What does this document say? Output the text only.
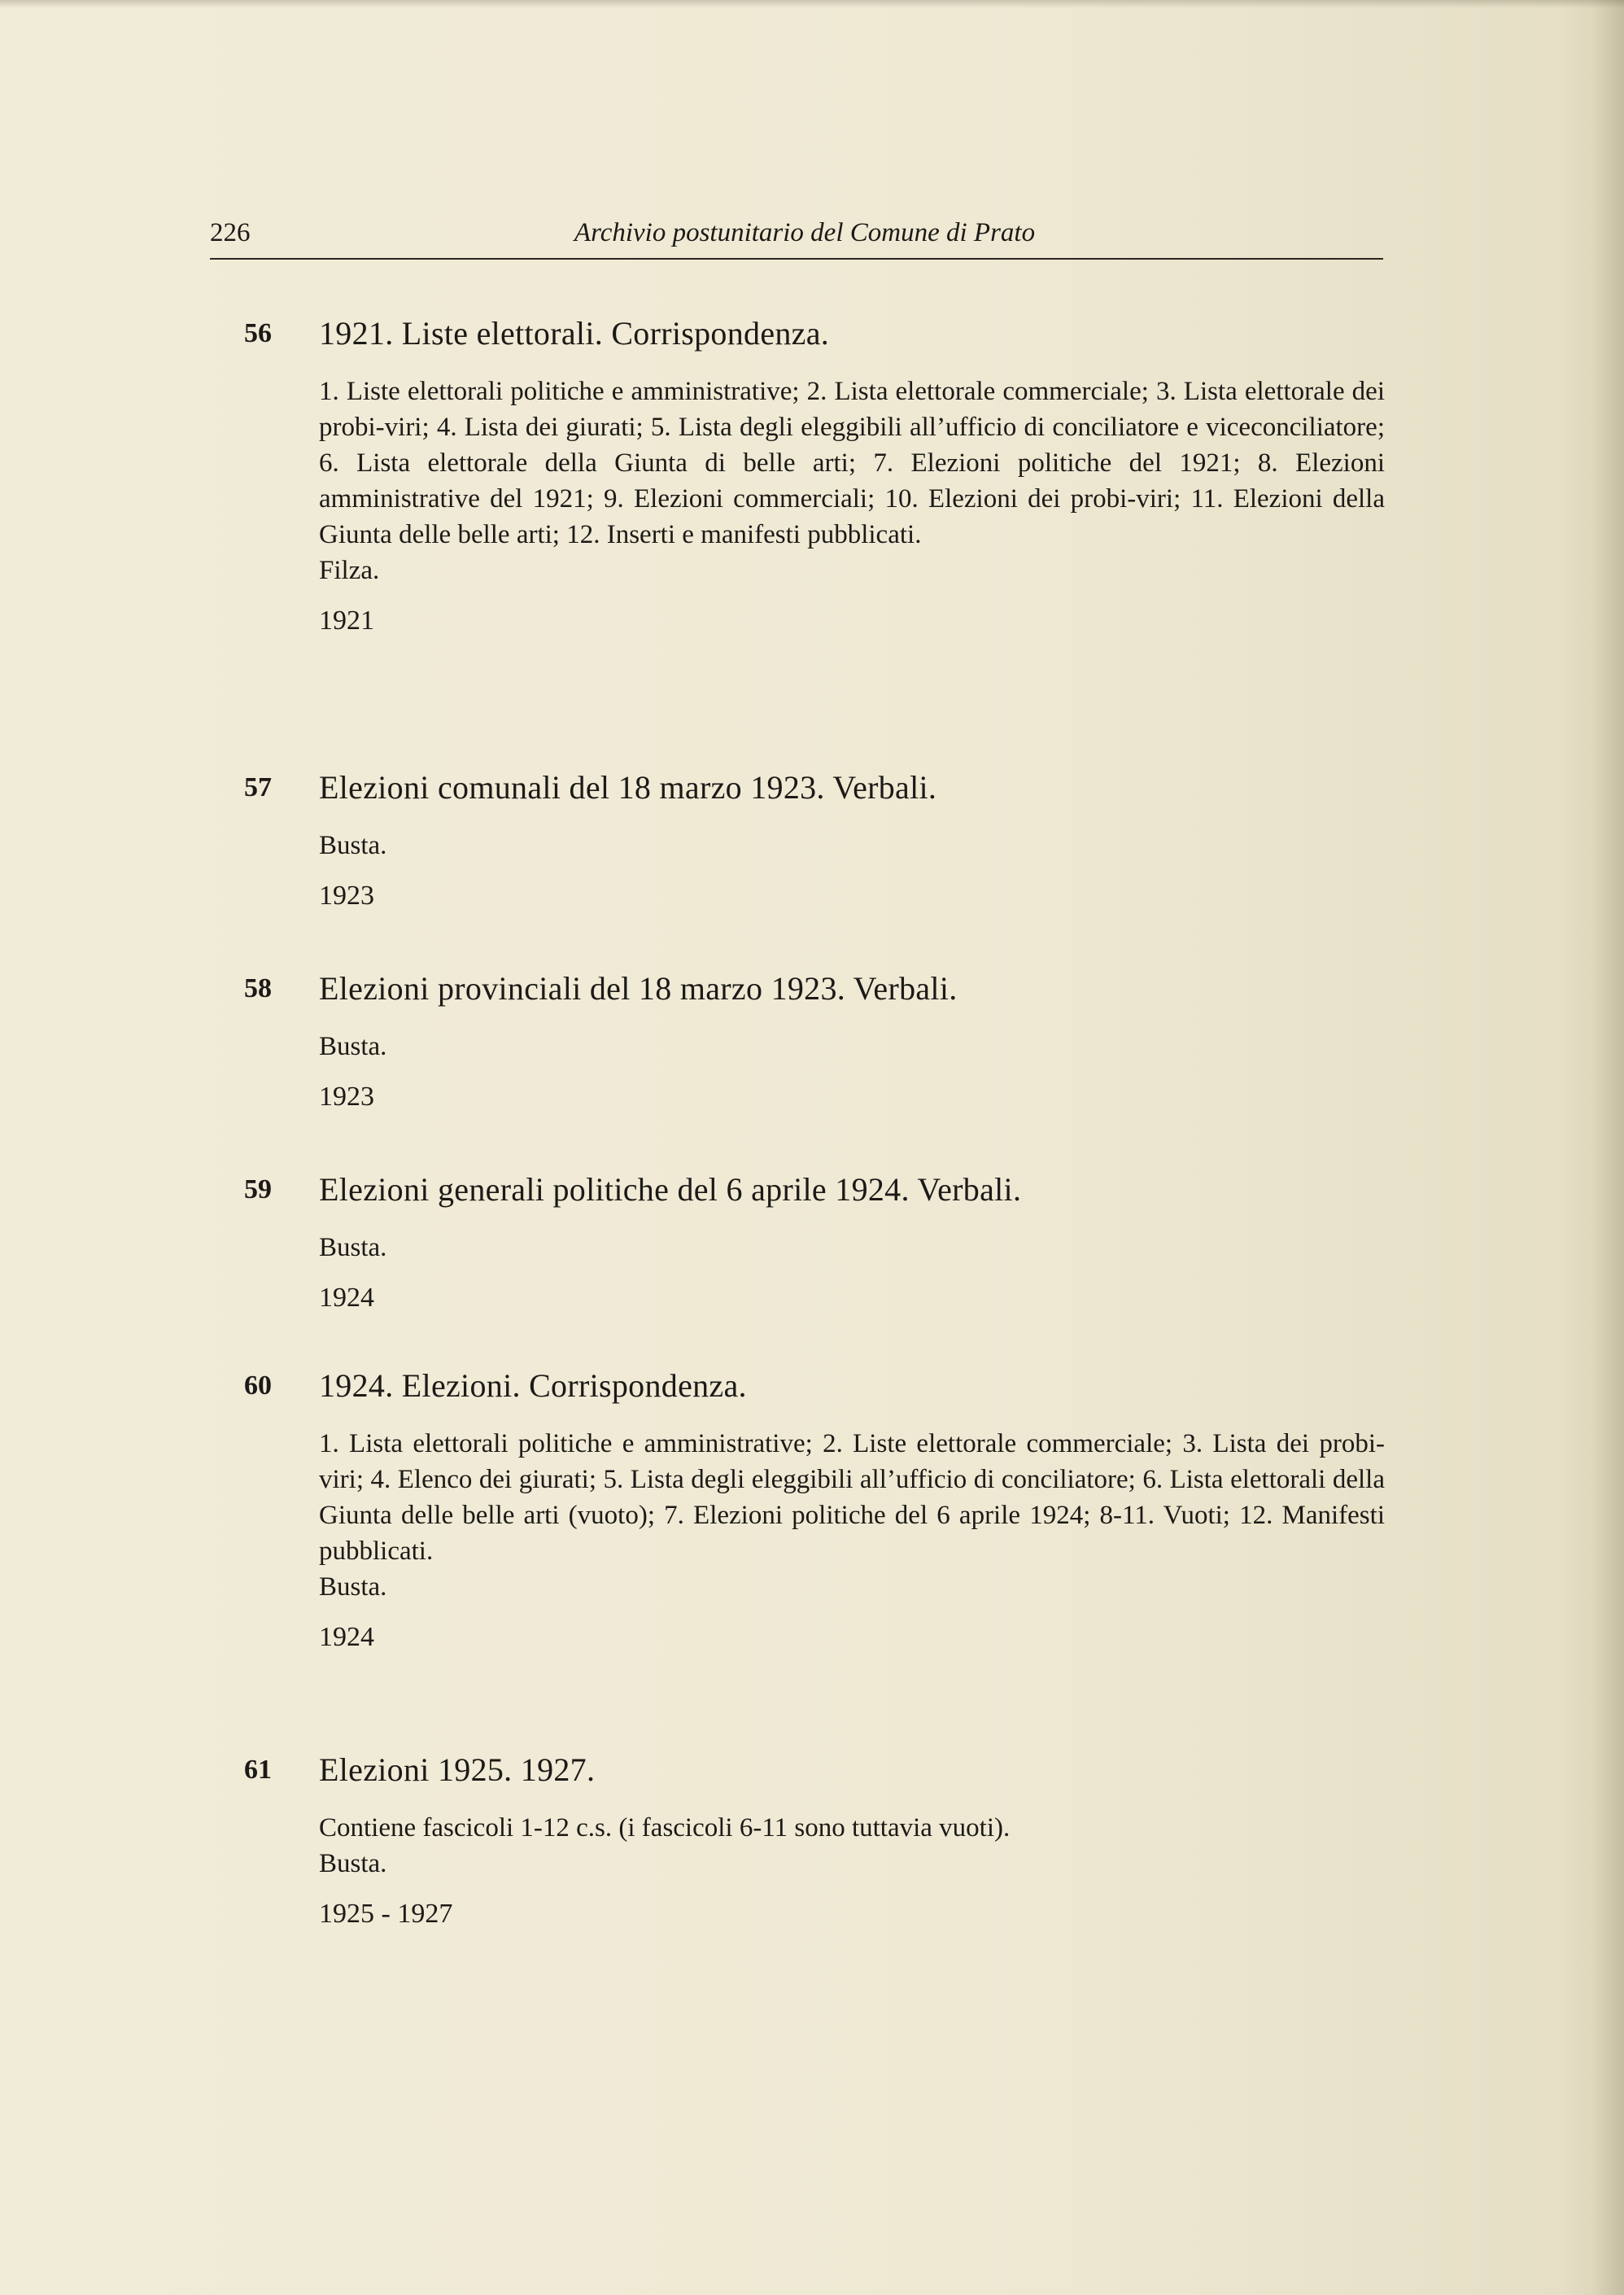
226	Archivio postunitario del Comune di Prato
56	1921. Liste elettorali. Corrispondenza.

1. Liste elettorali politiche e amministrative; 2. Lista elettorale commerciale; 3. Lista elettorale dei probi-viri; 4. Lista dei giurati; 5. Lista degli eleggibili all’ufficio di conciliatore e viceconciliatore; 6. Lista elettorale della Giunta di belle arti; 7. Elezioni politiche del 1921; 8. Elezioni amministrative del 1921; 9. Elezioni commerciali; 10. Elezioni dei probi-viri; 11. Elezioni della Giunta delle belle arti; 12. Inserti e manifesti pubblicati.

Filza.

1921

57	Elezioni comunali del 18 marzo 1923. Verbali.

Busta.

1923

58	Elezioni provinciali del 18 marzo 1923. Verbali.

Busta.

1923

59	Elezioni generali politiche del 6 aprile 1924. Verbali.

Busta.

1924

60	1924. Elezioni. Corrispondenza.

1. Lista elettorali politiche e amministrative; 2. Liste elettorale commerciale; 3. Lista dei probi-viri; 4. Elenco dei giurati; 5. Lista degli eleggibili all’ufficio di conciliatore; 6. Lista elettorali della Giunta delle belle arti (vuoto); 7. Elezioni politiche del 6 aprile 1924; 8-11. Vuoti; 12. Manifesti pubblicati.

Busta.

1924

61	Elezioni 1925. 1927.

Contiene fascicoli 1-12 c.s. (i fascicoli 6-11 sono tuttavia vuoti).

Busta.

1925 - 1927
